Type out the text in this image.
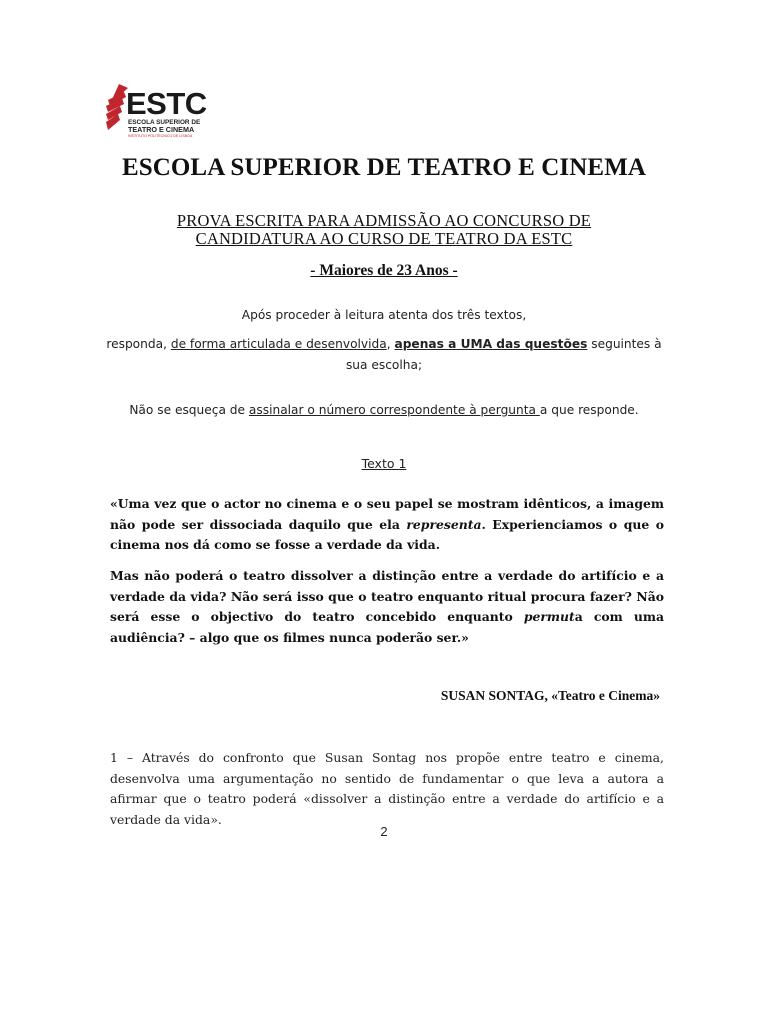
ESTC
ESCOLA SUPERIOR DE
TEATRO E CINEMA
INSTITUTO POLITÉCNICO DE LISBOA
ESCOLA SUPERIOR DE TEATRO E CINEMA
PROVA ESCRITA PARA ADMISSÃO AO CONCURSO DE
CANDIDATURA AO CURSO DE TEATRO DA ESTC
- Maiores de 23 Anos -
Após proceder à leitura atenta dos três textos,
responda, de forma articulada e desenvolvida, apenas a UMA das questões seguintes à sua escolha;
Não se esqueça de assinalar o número correspondente à pergunta a que responde.
Texto 1

«Uma vez que o actor no cinema e o seu papel se mostram idênticos, a imagem não pode ser dissociada daquilo que ela representa. Experienciamos o que o cinema nos dá como se fosse a verdade da vida.

Mas não poderá o teatro dissolver a distinção entre a verdade do artifício e a verdade da vida? Não será isso que o teatro enquanto ritual procura fazer? Não será esse o objectivo do teatro concebido enquanto permuta com uma audiência? – algo que os filmes nunca poderão ser.»

SUSAN SONTAG, «Teatro e Cinema»

1 – Através do confronto que Susan Sontag nos propõe entre teatro e cinema, desenvolva uma argumentação no sentido de fundamentar o que leva a autora a afirmar que o teatro poderá «dissolver a distinção entre a verdade do artifício e a verdade da vida».

2
